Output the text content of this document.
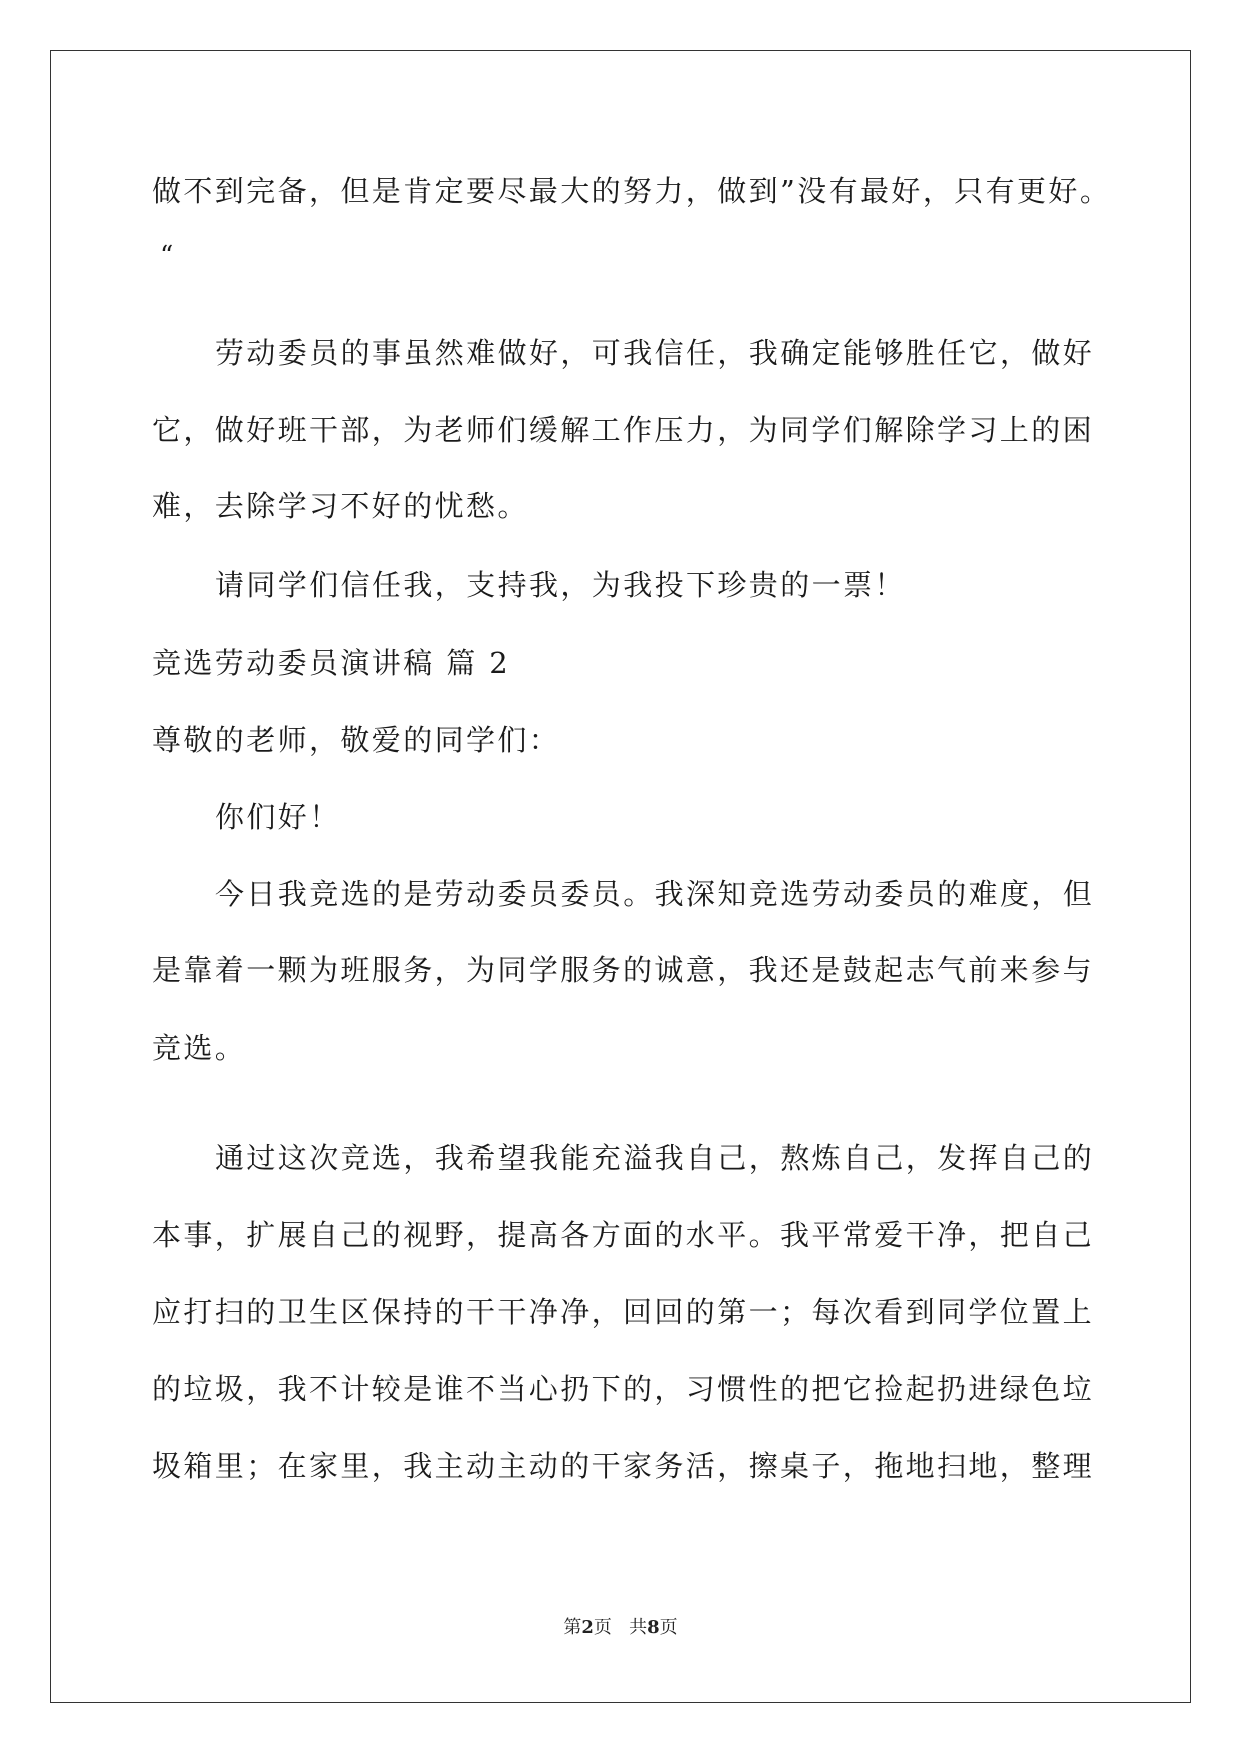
做不到完备，但是肯定要尽最大的努力，做到”没有最好，只有更好。
“
劳动委员的事虽然难做好，可我信任，我确定能够胜任它，做好
它，做好班干部，为老师们缓解工作压力，为同学们解除学习上的困
难，去除学习不好的忧愁。
请同学们信任我，支持我，为我投下珍贵的一票！
竞选劳动委员演讲稿 篇 2
尊敬的老师，敬爱的同学们：
你们好！
今日我竞选的是劳动委员委员。我深知竞选劳动委员的难度，但
是靠着一颗为班服务，为同学服务的诚意，我还是鼓起志气前来参与
竞选。
通过这次竞选，我希望我能充溢我自己，熬炼自己，发挥自己的
本事，扩展自己的视野，提高各方面的水平。我平常爱干净，把自己
应打扫的卫生区保持的干干净净，回回的第一；每次看到同学位置上
的垃圾，我不计较是谁不当心扔下的，习惯性的把它捡起扔进绿色垃
圾箱里；在家里，我主动主动的干家务活，擦桌子，拖地扫地，整理
第2页 共8页
